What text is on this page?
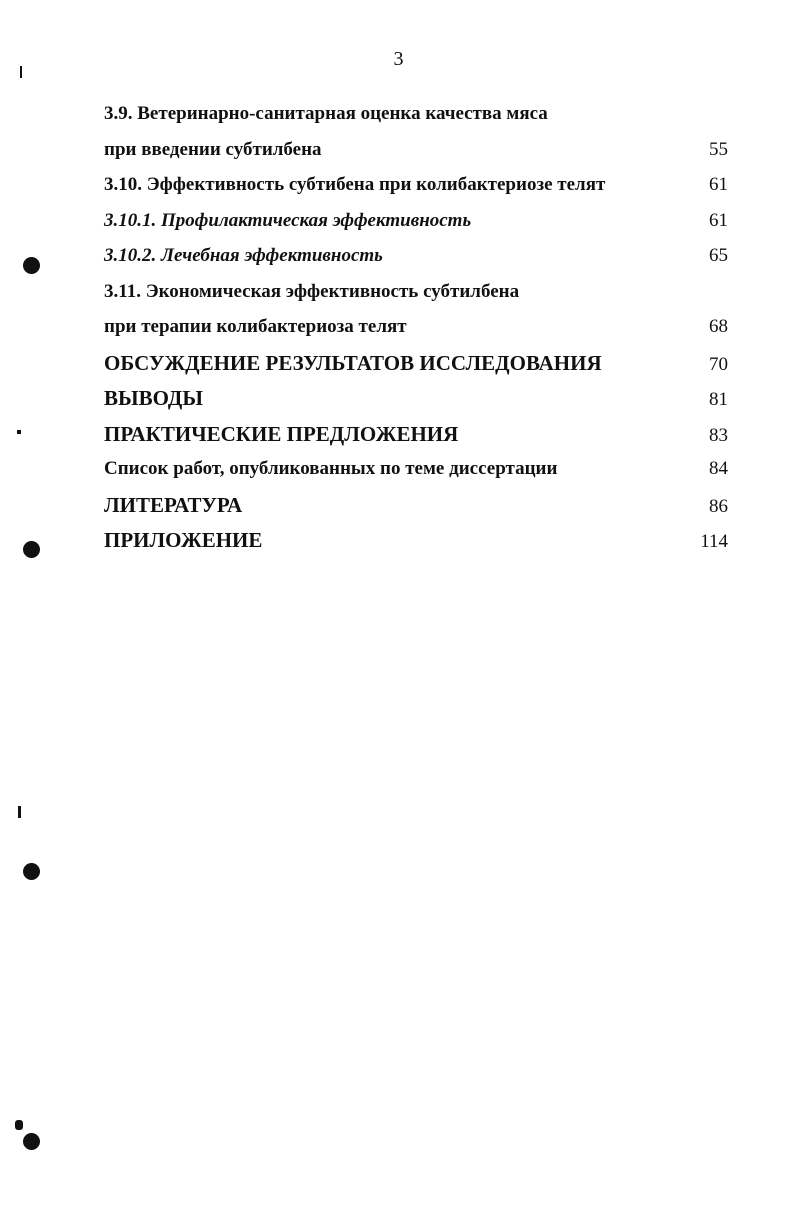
3
3.9. Ветеринарно-санитарная оценка качества мяса
при введении субтилбена	55
3.10. Эффективность субтибена при колибактериозе телят	61
3.10.1. Профилактическая эффективность	61
3.10.2. Лечебная эффективность	65
3.11. Экономическая эффективность субтилбена
при терапии колибактериоза телят	68
ОБСУЖДЕНИЕ РЕЗУЛЬТАТОВ ИССЛЕДОВАНИЯ	70
ВЫВОДЫ	81
ПРАКТИЧЕСКИЕ ПРЕДЛОЖЕНИЯ	83
Список работ, опубликованных по теме диссертации	84
ЛИТЕРАТУРА	86
ПРИЛОЖЕНИЕ	114
